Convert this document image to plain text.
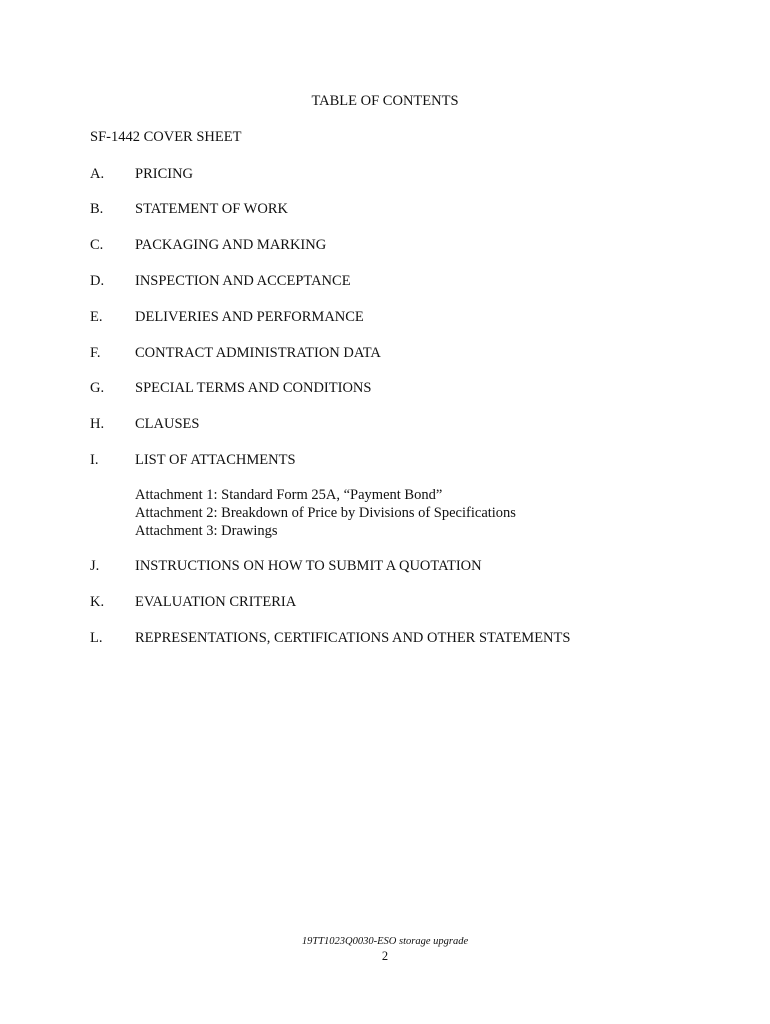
TABLE OF CONTENTS
SF-1442 COVER SHEET
A. PRICING
B. STATEMENT OF WORK
C. PACKAGING AND MARKING
D. INSPECTION AND ACCEPTANCE
E. DELIVERIES AND PERFORMANCE
F. CONTRACT ADMINISTRATION DATA
G. SPECIAL TERMS AND CONDITIONS
H. CLAUSES
I.	LIST OF ATTACHMENTS
Attachment 1: Standard Form 25A, “Payment Bond”
Attachment 2: Breakdown of Price by Divisions of Specifications
Attachment 3: Drawings
J. INSTRUCTIONS ON HOW TO SUBMIT A QUOTATION
K. EVALUATION CRITERIA
L. REPRESENTATIONS, CERTIFICATIONS AND OTHER STATEMENTS
19TT1023Q0030-ESO storage upgrade
2
